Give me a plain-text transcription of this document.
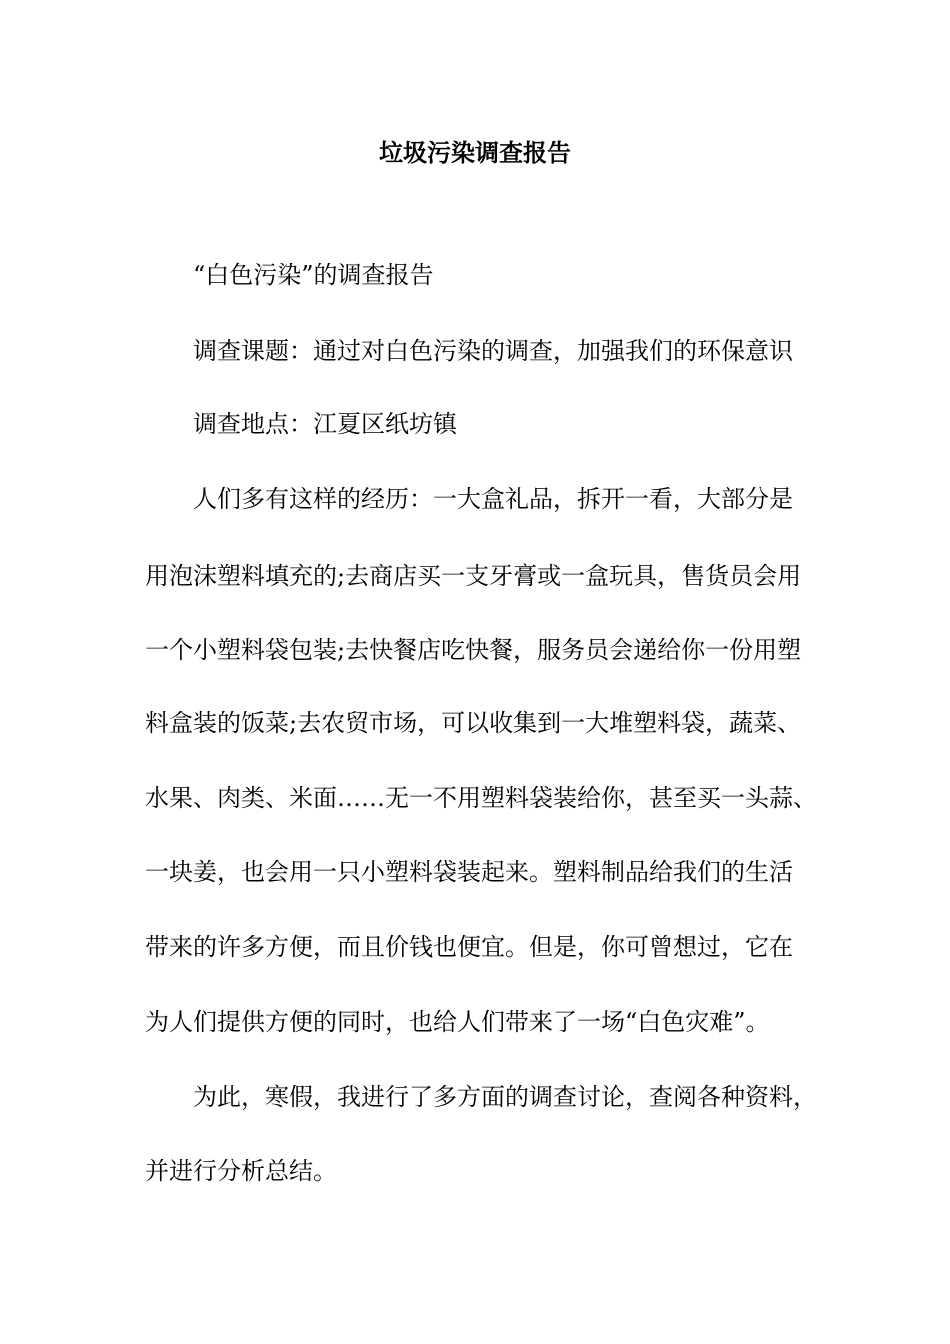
垃圾污染调查报告
“白色污染”的调查报告
调查课题：通过对白色污染的调查，加强我们的环保意识
调查地点：江夏区纸坊镇
人们多有这样的经历：一大盒礼品，拆开一看，大部分是
用泡沫塑料填充的;去商店买一支牙膏或一盒玩具，售货员会用
一个小塑料袋包装;去快餐店吃快餐，服务员会递给你一份用塑
料盒装的饭菜;去农贸市场，可以收集到一大堆塑料袋，蔬菜、
水果、肉类、米面……无一不用塑料袋装给你，甚至买一头蒜、
一块姜，也会用一只小塑料袋装起来。塑料制品给我们的生活
带来的许多方便，而且价钱也便宜。但是，你可曾想过，它在
为人们提供方便的同时，也给人们带来了一场“白色灾难”。
为此，寒假，我进行了多方面的调查讨论，查阅各种资料，
并进行分析总结。
